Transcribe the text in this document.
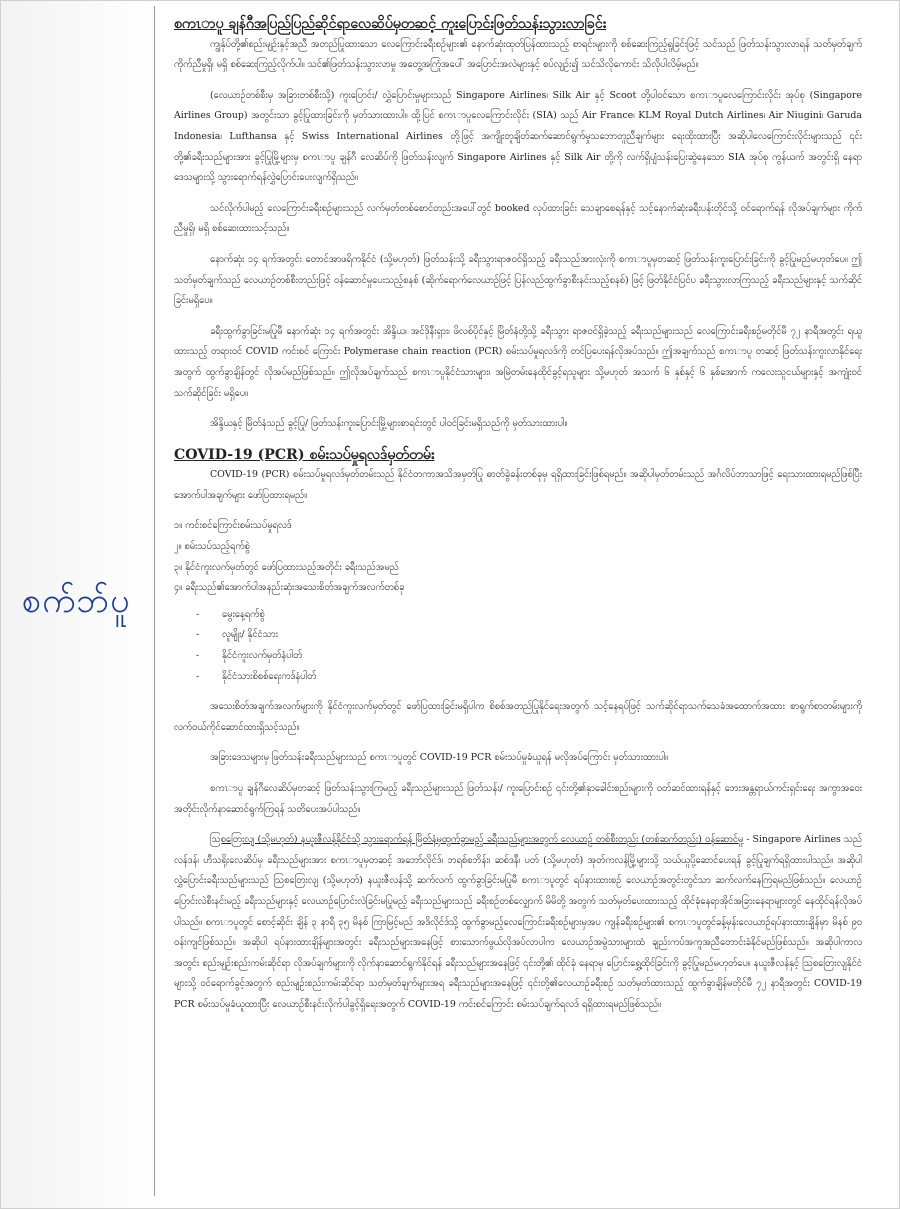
စက်ဘ်ပူ
စကၤာပူ ချန်ဂီအပြည်ပြည်ဆိုင်ရာလေဆိပ်မှတဆင့် ကူးပြောင်းဖြတ်သန်းသွားလာခြင်း

ကျွန်ုပ်တို့၏စည်းမျဉ်းနှင့်အညီ အတည်ပြုထားသော လေကြောင်းခရီးစဉ်များ၏ နောက်ဆုံးထုတ်ပြန်ထားသည့် စာရင်းများကို စစ်ဆေးကြည့်ရှုခြင်းဖြင့် သင်သည် ဖြတ်သန်းသွားလာရန် သတ်မှတ်ချက်ကိုက်ညီမှုရှိ၊ မရှိ စစ်ဆေးကြည့်လိုက်ပါ။ သင်၏ဖြတ်သန်းသွားလာမှု အတွေ့အကြုံအပေါ် အပြောင်းအလဲများနှင့် စပ်လျဉ်း၍ သင်သိလိုကောင်း သိလိုပါလိမ့်မည်။

(လေယာဉ်တစ်စီးမှ အခြားတစ်စီးသို့) ကူးပြောင်း/ လွှဲပြောင်းမှုများသည် Singapore Airlines၊ Silk Air နှင့် Scoot တို့ပါဝင်သော စကၤာပူလေကြောင်းလိုင်း အုပ်စု (Singapore Airlines Group) အတွင်းသာ ခွင့်ပြုထားခြင်းကို မှတ်သားထားပါ။ ထို့ပြင် စကၤာပူလေကြောင်းလိုင်း (SIA) သည် Air France၊ KLM Royal Dutch Airlines၊ Air Niugini၊ Garuda Indonesia၊ Lufthansa နှင့် Swiss International Airlines တို့ဖြင့် အကျိုးတူချိတ်ဆက်ဆောင်ရွက်မှုသဘောတူညီချက်များ ရေးထိုးထားပြီး အဆိုပါလေကြောင်းလိုင်းများသည် ၎င်းတို့၏ခရီးသည်များအား ခွင့်ပြုမြို့များမှ စကၤာပူ ချန်ဂီ လေဆိပ်ကို ဖြတ်သန်းလျက် Singapore Airlines နှင့် Silk Air တို့ကို လက်ရှိပျံသန်းပြေးဆွဲနေသော SIA အုပ်စု ကွန်ယက် အတွင်းရှိ နေရာဒေသများသို့ သွားရောက်ရန်လွှဲပြောင်းပေးလျက်ရှိသည်။

သင်လိုက်ပါမည့် လေကြောင်းခရီးစဉ်များသည် လက်မှတ်တစ်စောင်တည်းအပေါ်တွင် booked လုပ်ထားခြင်း သေချာစေရန်နှင့် သင့်နောက်ဆုံးခရီးပန်းတိုင်သို့ ဝင်ရောက်ရန် လိုအပ်ချက်များ ကိုက်ညီမှုရှိ၊ မရှိ စစ်ဆေးထားသင့်သည်။

နောက်ဆုံး ၁၄ ရက်အတွင်း တောင်အာဖရိကနိုင်ငံ (သို့မဟုတ်) ဖြတ်သန်းသို့ ခရီးသွားရာဇဝင်ရှိသည့် ခရီးသည်အားလုံးကို စကၤာပူမှတဆင့် ဖြတ်သန်းကူးပြောင်းခြင်းကို ခွင့်ပြုမည်မဟုတ်ပေ။ ဤသတ်မှတ်ချက်သည် လေယာဉ်တစ်စီးတည်းဖြင့် ဝန်ဆောင်မှုပေးသည့်စနစ် (ဆိုက်ရောက်လေယာဉ်ဖြင့် ပြန်လည်ထွက်ခွာစီးနင်းသည့်စနစ်) ဖြင့် ဖြတ်နိုင်ငံပြင်ပ ခရီးသွားလာကြသည့် ခရီးသည်များနှင့် သက်ဆိုင်ခြင်းမရှိပေ။

ခရီးထွက်ခွာခြင်းမပြုမီ နောက်ဆုံး ၁၄ ရက်အတွင်း အိန္ဒိယ၊ အင်ဒိုနီးရှား၊ ဖိလစ်ပိုင်နှင့် မြိတ်နံတို့သို့ ခရီးသွား ရာဇဝင်ရှိခဲ့သည့် ခရီးသည်များသည် လေကြောင်းခရီးစဉ်မတိုင်မီ ၇၂ နာရီအတွင်း ရယူထားသည့် တရားဝင် COVID ကင်းစင် ကြောင်း Polymerase chain reaction (PCR) စမ်းသပ်မှုရလဒ်ကို တင်ပြပေးရန်လိုအပ်သည်။ ဤအချက်သည် စကၤာပူ တဆင့် ဖြတ်သန်းကူးလာနိုင်ရေးအတွက် ထွက်ခွာချိန်တွင် လိုအပ်မည်ဖြစ်သည်။ ဤလိုအပ်ချက်သည် စကၤာပူနိုင်ငံသားများ၊ အမြဲတမ်းနေထိုင်ခွင့်ရသူများ သို့မဟုတ် အသက် ၆ နှစ်နှင့် ၆ နှစ်အောက် ကလေးသူငယ်များနှင့် အကျုံးဝင်သက်ဆိုင်ခြင်း မရှိပေ။

အိန္ဒိယနှင့် မြိတ်နံသည် ခွင့်ပြု/ ဖြတ်သန်းကူးပြောင်းမြို့များစာရင်းတွင် ပါဝင်ခြင်းမရှိသည်ကို မှတ်သားထားပါ။

COVID-19 (PCR) စမ်းသပ်မှုရလဒ်မှတ်တမ်း

COVID-19 (PCR) စမ်းသပ်မှုရလဒ်မှတ်တမ်းသည် နိုင်ငံတကာအသိအမှတ်ပြု ဓာတ်ခွဲခန်းတစ်ခုမှ ရရှိထားခြင်းဖြစ်ရမည်။ အဆိုပါမှတ်တမ်းသည် အင်္ဂလိပ်ဘာသာဖြင့် ရေးသားထားရမည်ဖြစ်ပြီး အောက်ပါအချက်များ ဖော်ပြထားရမည်။

၁။ ကင်းစင်ကြောင်းစမ်းသပ်မှုရလဒ်
၂။ စမ်းသပ်သည့်ရက်စွဲ
၃။ နိုင်ငံကူးလက်မှတ်တွင် ဖော်ပြထားသည့်အတိုင်း ခရီးသည်အမည်
၄။ ခရီးသည်၏အောက်ပါအနည်းဆုံးအသေးစိတ်အချက်အလက်တစ်ခု
- မွေးနေ့ရက်စွဲ
- လူမျိုး/ နိုင်ငံသား
- နိုင်ငံကူးလက်မှတ်နံပါတ်
- နိုင်ငံသားစိစစ်ရေးကဒ်နံပါတ်

အသေးစိတ်အချက်အလက်များကို နိုင်ငံကူးလက်မှတ်တွင် ဖော်ပြထားခြင်းမရှိပါက စိစစ်အတည်ပြုနိုင်ရေးအတွက် သင့်နေရပ်ဖြင့် သက်ဆိုင်ရာသက်သေခံအထောက်အထား စာရွက်စာတမ်းများကို လက်ဝယ်ကိုင်ဆောင်ထားရှိသင့်သည်။

အခြားဒေသများမှ ဖြတ်သန်းခရီးသည်များသည် စကၤာပူတွင် COVID-19 PCR စမ်းသပ်မှုခံယူရန် မလိုအပ်ကြောင်း မှတ်သားထားပါ။

စကၤာပူ ချန်ဂီလေဆိပ်မှတဆင့် ဖြတ်သန်းသွားကြမည့် ခရီးသည်များသည် ဖြတ်သန်း/ ကူးပြောင်းစဉ် ၎င်းတို့၏နှာခေါင်းစည်းများကို ဝတ်ဆင်ထားရန်နှင့် ဘေးအန္တရာယ်ကင်းရှင်းရေး အကွာအဝေးအတိုင်းလိုက်နာဆောင်ရွက်ကြရန် သတိပေးအပ်ပါသည်။

ဩစတြေးလျ (သို့မဟုတ်) နယူးဇီလန်နိုင်ငံသို့ သွားရောက်ရန် မြိတ်နံမှထွက်ခွာမည့် ခရီးသည်များအတွက် လေယာဉ် တစ်စီးတည်း (တစ်ဆက်တည်း) ဝန်ဆောင်မှု - Singapore Airlines သည် လန်ဒန်၊ ဟီသရိုးလေဆိပ်မှ ခရီးသည်များအား စကၤာပူမှတဆင့် အဘော်လိုင်ဒ်၊ ဘရစ်စဘိန်း၊ ဆစ်ဒနီ၊ ပတ် (သို့မဟုတ်) အုတ်ကလန်မြို့များသို့ သယ်ယူပို့ဆောင်ပေးရန် ခွင့်ပြုချက်ရရှိထားပါသည်။ အဆိုပါလွှဲပြောင်းခရီးသည်များသည် ဩစတြေးလျ (သို့မဟုတ်) နယူးဇီလန်သို့ ဆက်လက် ထွက်ခွာခြင်းမပြုမီ စကၤာပူတွင် ရပ်နားထားစဉ် လေယာဉ်အတွင်းတွင်သာ ဆက်လက်နေကြရမည်ဖြစ်သည်။ လေယာဉ် ပြောင်းလဲစီးနင်းမည့် ခရီးသည်များနှင့် လေယာဉ်ပြောင်းလဲခြင်းမပြုမည့် ခရီးသည်များသည် ခရီးစဉ်တစ်လျှောက် မိမိတို့ အတွက် သတ်မှတ်ပေးထားသည့် ထိုင်ခုံနေရာအိုင်အခြားနေရာများတွင် နေထိုင်ရန်လိုအပ်ပါသည်။ စကၤာပူတွင် စောင့်ဆိုင်း ချိန် ၃ နာရီ ၃၅ မိနစ် ကြာမြင့်မည် အဒိလိုင်ဒ်သို့ ထွက်ခွာမည့်လေကြောင်းခရီးစဉ်များမှအပ ကျန်ခရီးစဉ်များ၏ စကၤာပူတွင်ခန့်မှန်းလေယာဉ်ရပ်နားထားချိန်မှာ မိနစ် ၉၀ ဝန်းကျင်ဖြစ်သည်။ အဆိုပါ ရပ်နားထားချိန်များအတွင်း ခရီးသည်များအနေဖြင့် စားသောက်ဖွယ်လိုအပ်လာပါက လေယာဉ်အမွဲသားများထံ ချည်းကပ်အကူအညီတောင်းခံနိုင်မည်ဖြစ်သည်။ အဆိုပါကာလ အတွင်း စည်းမျဉ်းစည်းကမ်းဆိုင်ရာ လိုအပ်ချက်များကို လိုက်နာဆောင်ရွက်နိုင်ရန် ခရီးသည်များအနေဖြင့် ၎င်းတို့၏ ထိုင်ခုံ နေရာမှ ပြောင်းရွှေ့ထိုင်ခြင်းကို ခွင့်ပြုမည်မဟုတ်ပေ။ နယူးဇီလန်နှင့် ဩစတြေးလျနိုင်ငံများသို့ ဝင်ရောက်ခွင့်အတွက် စည်းမျဉ်းစည်းကမ်းဆိုင်ရာ သတ်မှတ်ချက်များအရ ခရီးသည်များအနေဖြင့် ၎င်းတို့၏လေယာဉ်ခရီးစဉ် သတ်မှတ်ထားသည့် ထွက်ခွာချိန်မတိုင်မီ ၇၂ နာရီအတွင်း COVID-19 PCR စမ်းသပ်မှုခံယူထားပြီး လေယာဉ်စီးနင်းလိုက်ပါခွင့်ရှိရေးအတွက် COVID-19 ကင်းစင်ကြောင်း စမ်းသပ်ချက်ရလဒ် ရရှိထားရမည်ဖြစ်သည်။
